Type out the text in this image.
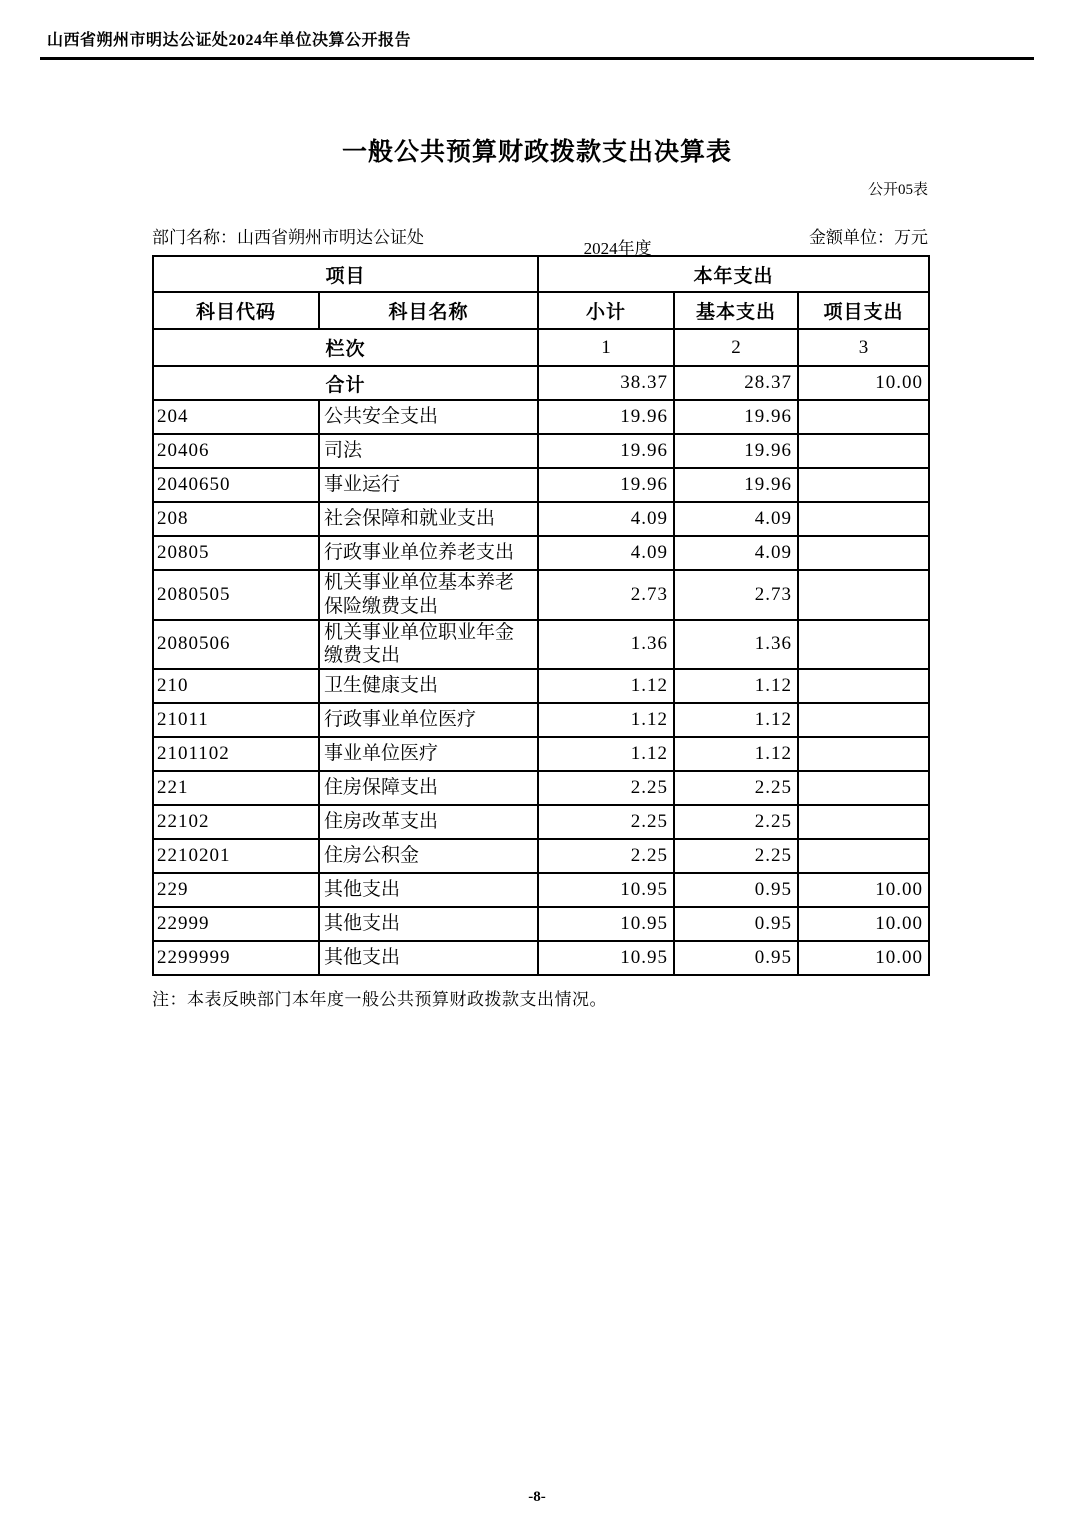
山西省朔州市明达公证处2024年单位决算公开报告
一般公共预算财政拨款支出决算表
公开05表
部门名称：山西省朔州市明达公证处
2024年度
金额单位：万元
项目		本年支出		
科目代码	科目名称	小计	基本支出	项目支出
栏次		1	2	3
合计		38.37	28.37	10.00
204	公共安全支出	19.96	19.96	
20406	司法	19.96	19.96	
2040650	事业运行	19.96	19.96	
208	社会保障和就业支出	4.09	4.09	
20805	行政事业单位养老支出	4.09	4.09	
2080505	机关事业单位基本养老保险缴费支出	2.73	2.73	
2080506	机关事业单位职业年金缴费支出	1.36	1.36	
210	卫生健康支出	1.12	1.12	
21011	行政事业单位医疗	1.12	1.12	
2101102	事业单位医疗	1.12	1.12	
221	住房保障支出	2.25	2.25	
22102	住房改革支出	2.25	2.25	
2210201	住房公积金	2.25	2.25	
229	其他支出	10.95	0.95	10.00
22999	其他支出	10.95	0.95	10.00
2299999	其他支出	10.95	0.95	10.00
注：本表反映部门本年度一般公共预算财政拨款支出情况。
-8-
